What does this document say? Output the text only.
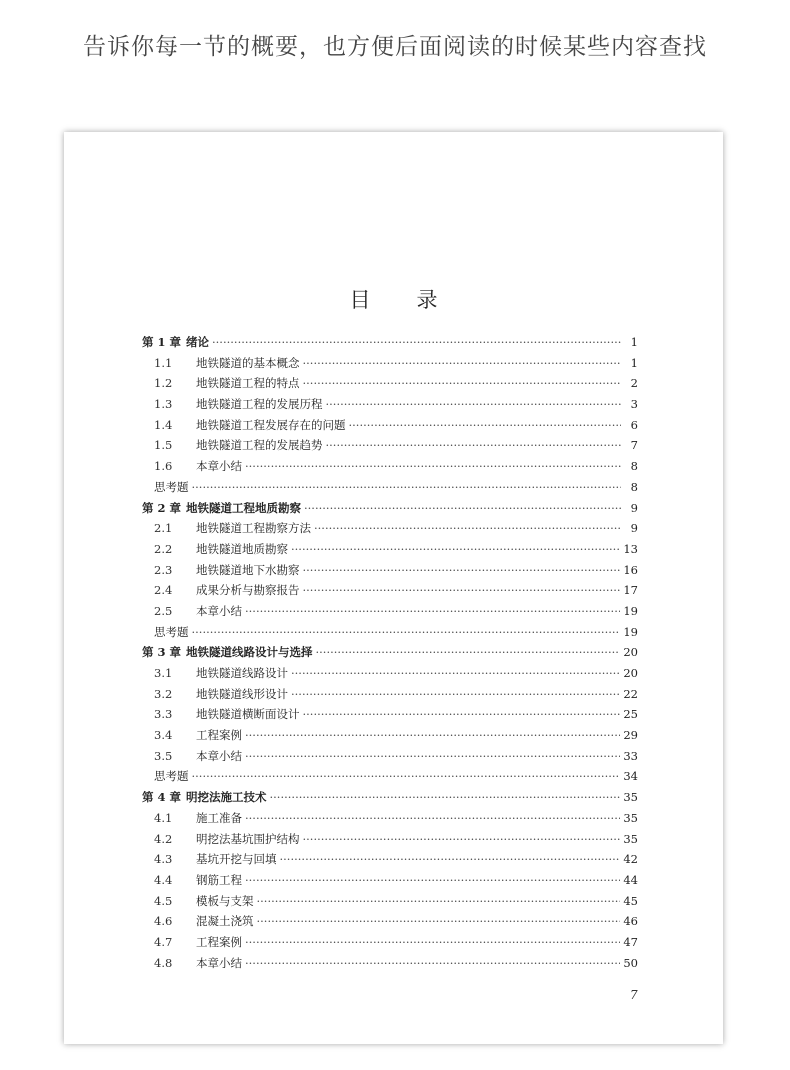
告诉你每一节的概要，也方便后面阅读的时候某些内容查找
目 录
第 1 章 绪论 ·····	1
1.1	地铁隧道的基本概念 ·····	1
1.2	地铁隧道工程的特点 ·····	2
1.3	地铁隧道工程的发展历程 ·····	3
1.4	地铁隧道工程发展存在的问题 ·····	6
1.5	地铁隧道工程的发展趋势 ·····	7
1.6	本章小结 ·····	8
思考题 ·····	8
第 2 章 地铁隧道工程地质勘察 ·····	9
2.1	地铁隧道工程勘察方法 ·····	9
2.2	地铁隧道地质勘察 ·····	13
2.3	地铁隧道地下水勘察 ·····	16
2.4	成果分析与勘察报告 ·····	17
2.5	本章小结 ·····	19
思考题 ·····	19
第 3 章 地铁隧道线路设计与选择 ·····	20
3.1	地铁隧道线路设计 ·····	20
3.2	地铁隧道线形设计 ·····	22
3.3	地铁隧道横断面设计 ·····	25
3.4	工程案例 ·····	29
3.5	本章小结 ·····	33
思考题 ·····	34
第 4 章 明挖法施工技术 ·····	35
4.1	施工准备 ·····	35
4.2	明挖法基坑围护结构 ·····	35
4.3	基坑开挖与回填 ·····	42
4.4	钢筋工程 ·····	44
4.5	模板与支架 ·····	45
4.6	混凝土浇筑 ·····	46
4.7	工程案例 ·····	47
4.8	本章小结 ·····	50
7
